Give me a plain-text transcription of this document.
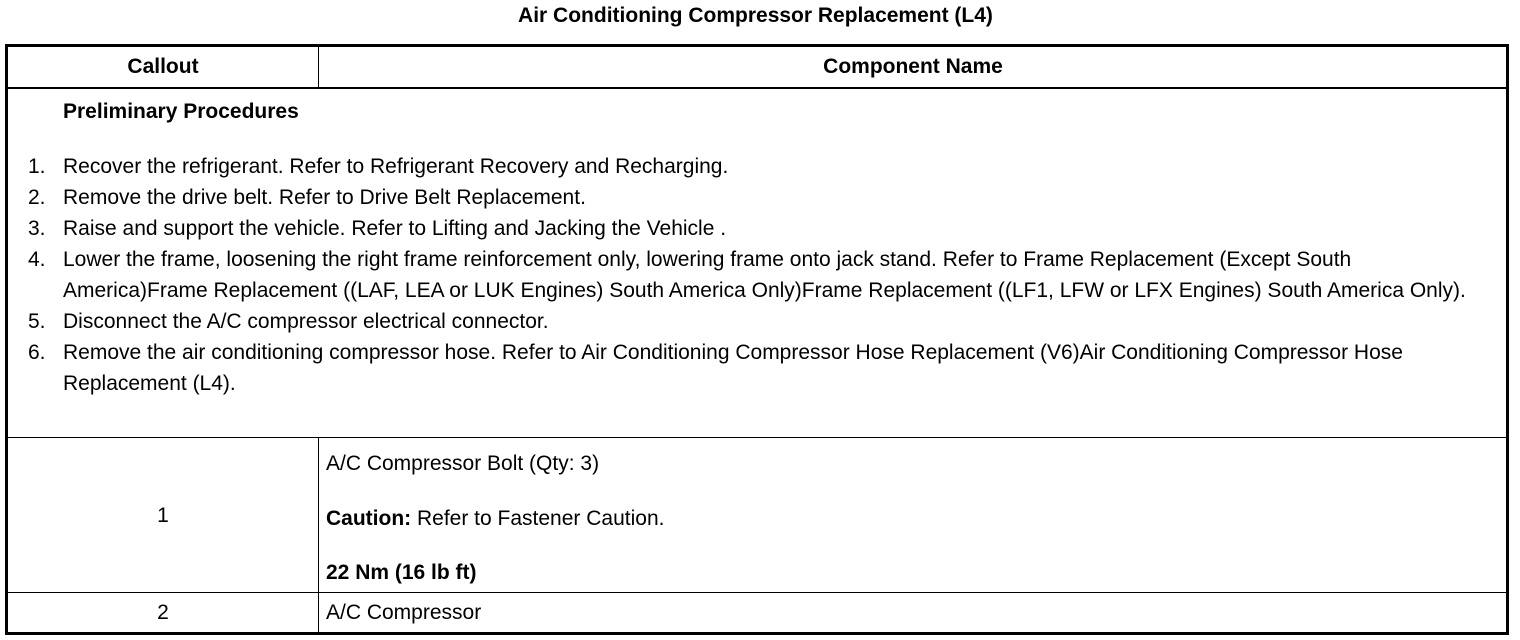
Air Conditioning Compressor Replacement (L4)
Callout	Component Name
Preliminary Procedures
1. Recover the refrigerant. Refer to Refrigerant Recovery and Recharging.
2. Remove the drive belt. Refer to Drive Belt Replacement.
3. Raise and support the vehicle. Refer to Lifting and Jacking the Vehicle .
4. Lower the frame, loosening the right frame reinforcement only, lowering frame onto jack stand. Refer to Frame Replacement (Except South America)Frame Replacement ((LAF, LEA or LUK Engines) South America Only)Frame Replacement ((LF1, LFW or LFX Engines) South America Only).
5. Disconnect the A/C compressor electrical connector.
6. Remove the air conditioning compressor hose. Refer to Air Conditioning Compressor Hose Replacement (V6)Air Conditioning Compressor Hose Replacement (L4).
1
A/C Compressor Bolt (Qty: 3)
Caution: Refer to Fastener Caution.
22 Nm (16 lb ft)
2	A/C Compressor
